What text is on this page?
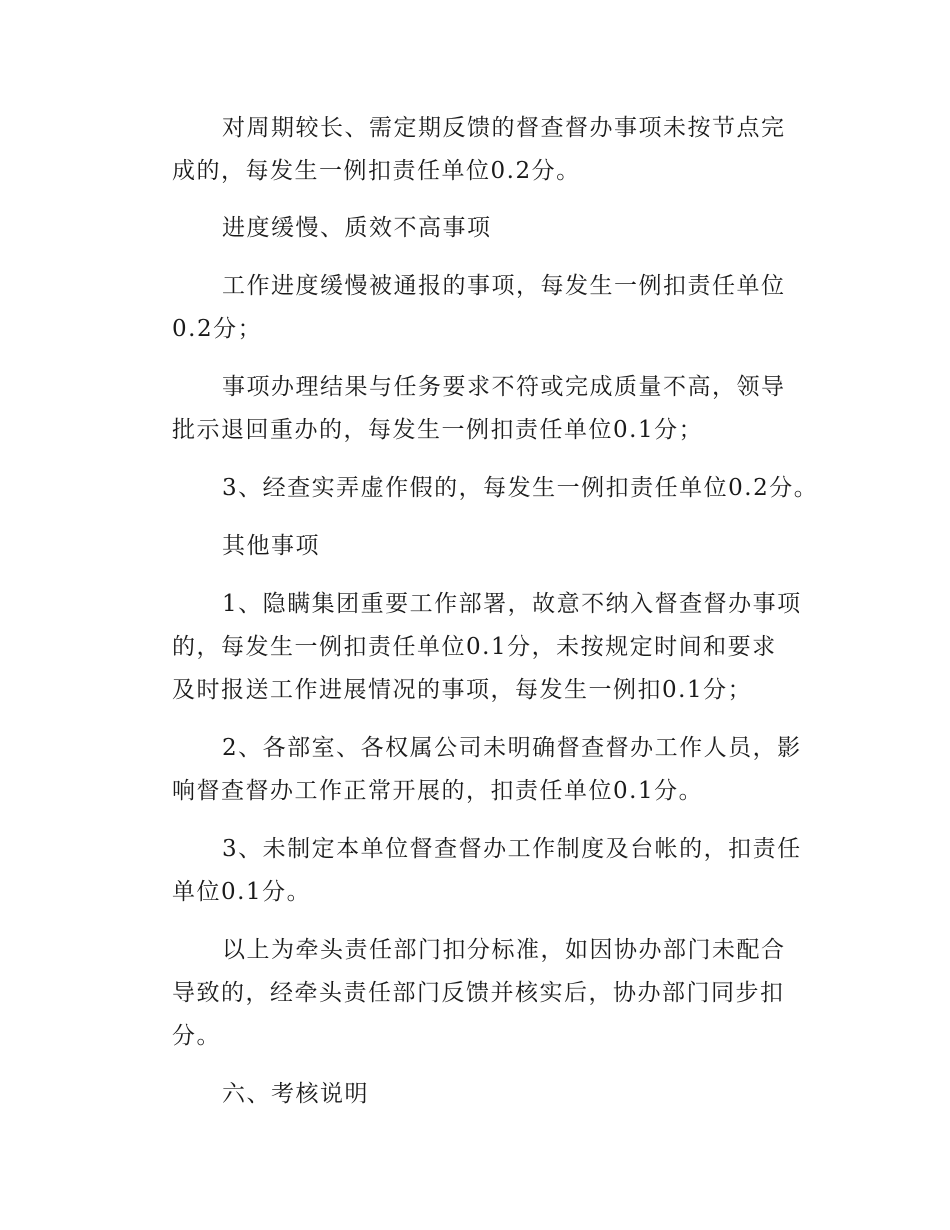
对周期较长、需定期反馈的督查督办事项未按节点完
成的，每发生一例扣责任单位0.2分。
进度缓慢、质效不高事项
工作进度缓慢被通报的事项，每发生一例扣责任单位
0.2分；
事项办理结果与任务要求不符或完成质量不高，领导
批示退回重办的，每发生一例扣责任单位0.1分；
3、经查实弄虚作假的，每发生一例扣责任单位0.2分。
其他事项
1、隐瞒集团重要工作部署，故意不纳入督查督办事项
的，每发生一例扣责任单位0.1分，未按规定时间和要求
及时报送工作进展情况的事项，每发生一例扣0.1分；
2、各部室、各权属公司未明确督查督办工作人员，影
响督查督办工作正常开展的，扣责任单位0.1分。
3、未制定本单位督查督办工作制度及台帐的，扣责任
单位0.1分。
以上为牵头责任部门扣分标准，如因协办部门未配合
导致的，经牵头责任部门反馈并核实后，协办部门同步扣
分。
六、考核说明
